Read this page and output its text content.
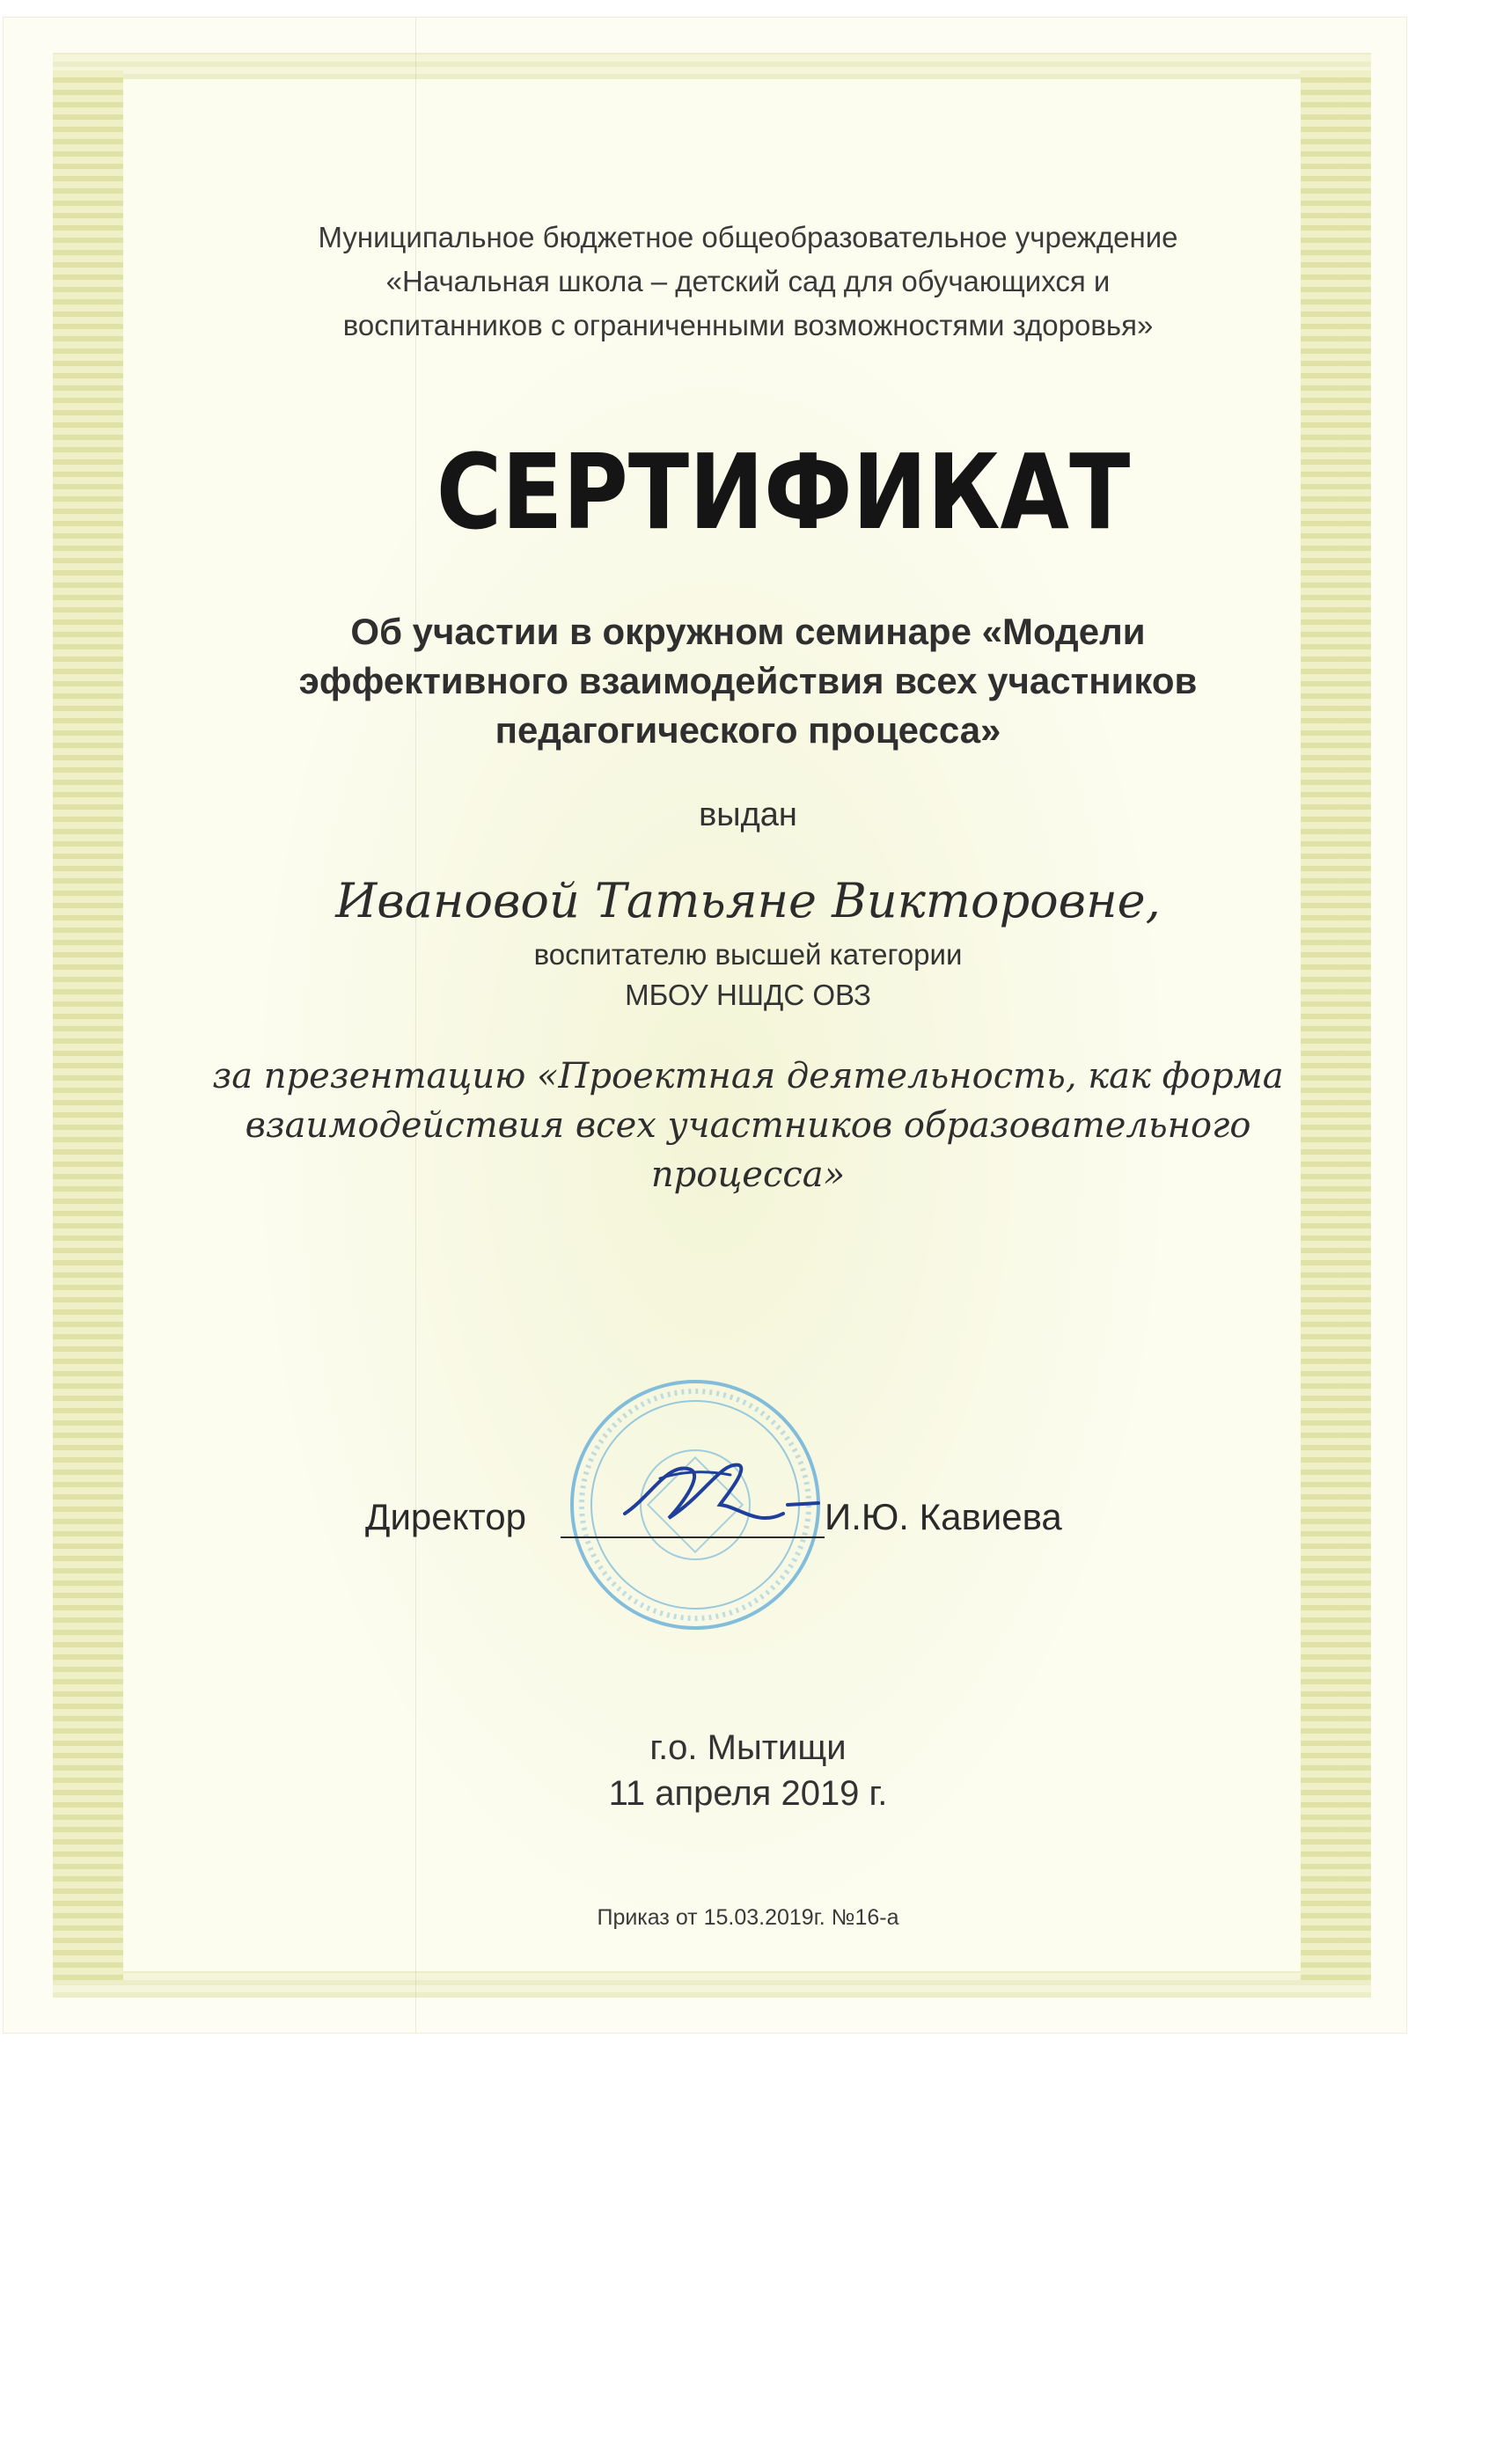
Муниципальное бюджетное общеобразовательное учреждение
«Начальная школа – детский сад для обучающихся и
воспитанников с ограниченными возможностями здоровья»
СЕРТИФИКАТ
Об участии в окружном семинаре «Модели
эффективного взаимодействия всех участников
педагогического процесса»
выдан
Ивановой Татьяне Викторовне,
воспитателю высшей категории
МБОУ НШДС ОВЗ
за презентацию «Проектная деятельность, как форма
взаимодействия всех участников образовательного
процесса»
Директор	И.Ю. Кавиева
г.о. Мытищи
11 апреля 2019 г.
Приказ от 15.03.2019г. №16-а
